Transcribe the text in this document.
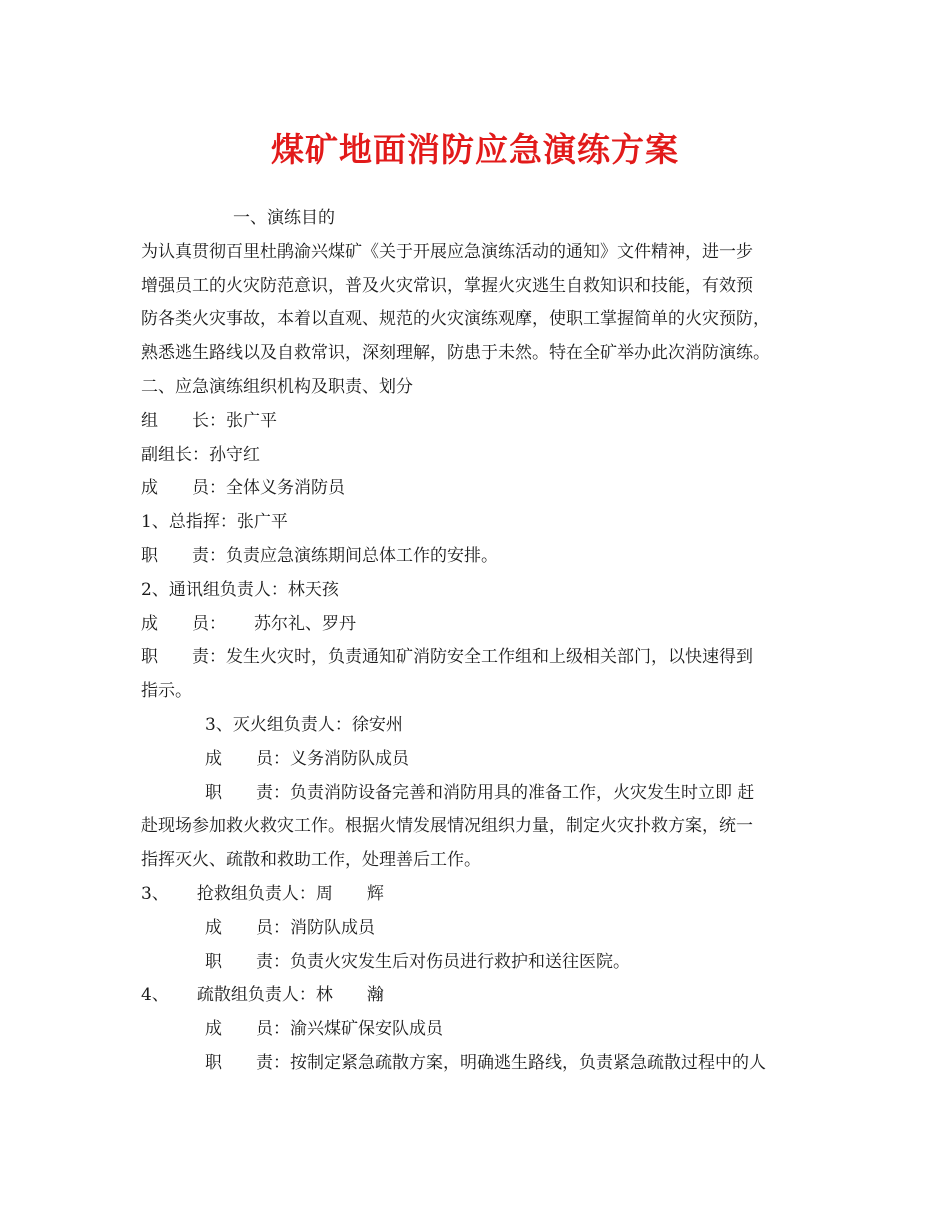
煤矿地面消防应急演练方案
一、演练目的
为认真贯彻百里杜鹃渝兴煤矿《关于开展应急演练活动的通知》文件精神，进一步
增强员工的火灾防范意识，普及火灾常识，掌握火灾逃生自救知识和技能，有效预
防各类火灾事故，本着以直观、规范的火灾演练观摩，使职工掌握简单的火灾预防，
熟悉逃生路线以及自救常识，深刻理解，防患于未然。特在全矿举办此次消防演练。
二、应急演练组织机构及职责、划分
组 长：张广平
副组长：孙守红
成 员：全体义务消防员
1、总指挥：张广平
职 责：负责应急演练期间总体工作的安排。
2、通讯组负责人：林天孩
成 员： 苏尔礼、罗丹
职 责：发生火灾时，负责通知矿消防安全工作组和上级相关部门，以快速得到
指示。
3、灭火组负责人：徐安州
成 员：义务消防队成员
职 责：负责消防设备完善和消防用具的准备工作，火灾发生时立即 赶
赴现场参加救火救灾工作。根据火情发展情况组织力量，制定火灾扑救方案，统一
指挥灭火、疏散和救助工作，处理善后工作。
3、 抢救组负责人：周 辉
成 员：消防队成员
职 责：负责火灾发生后对伤员进行救护和送往医院。
4、 疏散组负责人：林 瀚
成 员：渝兴煤矿保安队成员
职 责：按制定紧急疏散方案，明确逃生路线，负责紧急疏散过程中的人
